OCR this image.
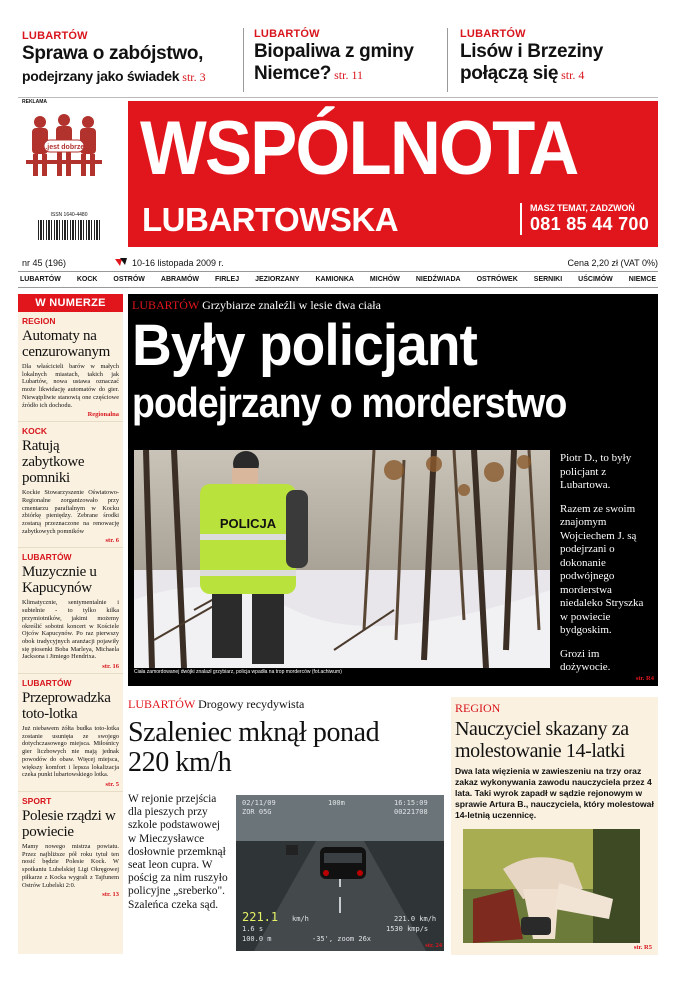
LUBARTÓW
Sprawa o zabójstwo,
podejrzany jako świadek str. 3
LUBARTÓW
Biopaliwa z gminy
Niemce? str. 11
LUBARTÓW
Lisów i Brzeziny
połączą się str. 4
REKLAMA
...jest dobrze!
ISSN 1640-4480
WSPÓLNOTA
LUBARTOWSKA	MASZ TEMAT, ZADZWOŃ
081 85 44 700
nr 45 (196)	10-16 listopada 2009 r.	Cena 2,20 zł (VAT 0%)
LUBARTÓW KOCK OSTRÓW ABRAMÓW FIRLEJ JEZIORZANY KAMIONKA MICHÓW NIEDŹWIADA OSTRÓWEK SERNIKI UŚCIMÓW NIEMCE
W NUMERZE
REGION
Automaty na cenzurowanym
Dla właścicieli barów w małych lokalnych miastach, takich jak Lubartów, nowa ustawa oznaczać może likwidację automatów do gier. Niewątpliwie stanowią one częściowe źródło ich dochodu.
Regionalna
KOCK
Ratują zabytkowe pomniki
Kockie Stowarzyszenie Oświatowo-Regionalne zorganizowało przy cmentarzu parafialnym w Kocku zbiórkę pieniędzy. Zebrane środki zostaną przeznaczone na renowację zabytkowych pomników
str. 6
LUBARTÓW
Muzycznie u Kapucynów
Klimatycznie, sentymentalnie i subtelnie - to tylko kilka przymiotników, jakimi możemy określić sobotni koncert w Kościele Ojców Kapucynów. Po raz pierwszy obok tradycyjnych aranżacji pojawiły się piosenki Boba Marleya, Michaela Jacksona i Jimiego Hendrixa.
str. 16
LUBARTÓW
Przeprowadzka toto-lotka
Już niebawem żółta budka toto-lotka zostanie usunięta ze swojego dotychczasowego miejsca. Miłośnicy gier liczbowych nie mają jednak powodów do obaw. Więcej miejsca, większy komfort i lepsza lokalizacja czeka punkt lubartowskiego lotka.
str. 5
SPORT
Polesie rządzi w powiecie
Mamy nowego mistrza powiatu. Przez najbliższe pół roku tytuł ten nosić będzie Polesie Kock. W spotkaniu Lubelskiej Ligi Okręgowej piłkarze z Kocka wygrali z Tajfunem Ostrów Lubelski 2:0.
str. 13
LUBARTÓW Grzybiarze znaleźli w lesie dwa ciała
Były policjant
podejrzany o morderstwo
POLICJA
Ciała zamordowanej dwójki znalazł grzybiarz, policja wpadła na trop morderców (fot.achiwum)

Piotr D., to były policjant z Lubartowa.

Razem ze swoim znajomym Wojciechem J. są podejrzani o dokonanie podwójnego morderstwa niedaleko Stryszka w powiecie bydgoskim.

Grozi im dożywocie.

str. R4
LUBARTÓW Drogowy recydywista
Szaleniec mknął ponad
220 km/h
W rejonie przejścia dla pieszych przy szkole podstawowej w Mieczysławce dosłownie przemknął seat leon cupra. W pościg za nim ruszyło policyjne „sreberko". Szaleńca czeka sąd.
02/11/09
ZOR 05G
100m	16:15:09
00221708
221.0 km/h
1530 kmp/s
1.6 s
100.0 m	-35', zoom 26x
221.1 km/h
str. 24
REGION
Nauczyciel skazany za molestowanie 14-latki
Dwa lata więzienia w zawieszeniu na trzy oraz zakaz wykonywania zawodu nauczyciela przez 4 lata. Taki wyrok zapadł w sądzie rejonowym w sprawie Artura B., nauczyciela, który molestował 14-letnią uczennicę.
str. R5
